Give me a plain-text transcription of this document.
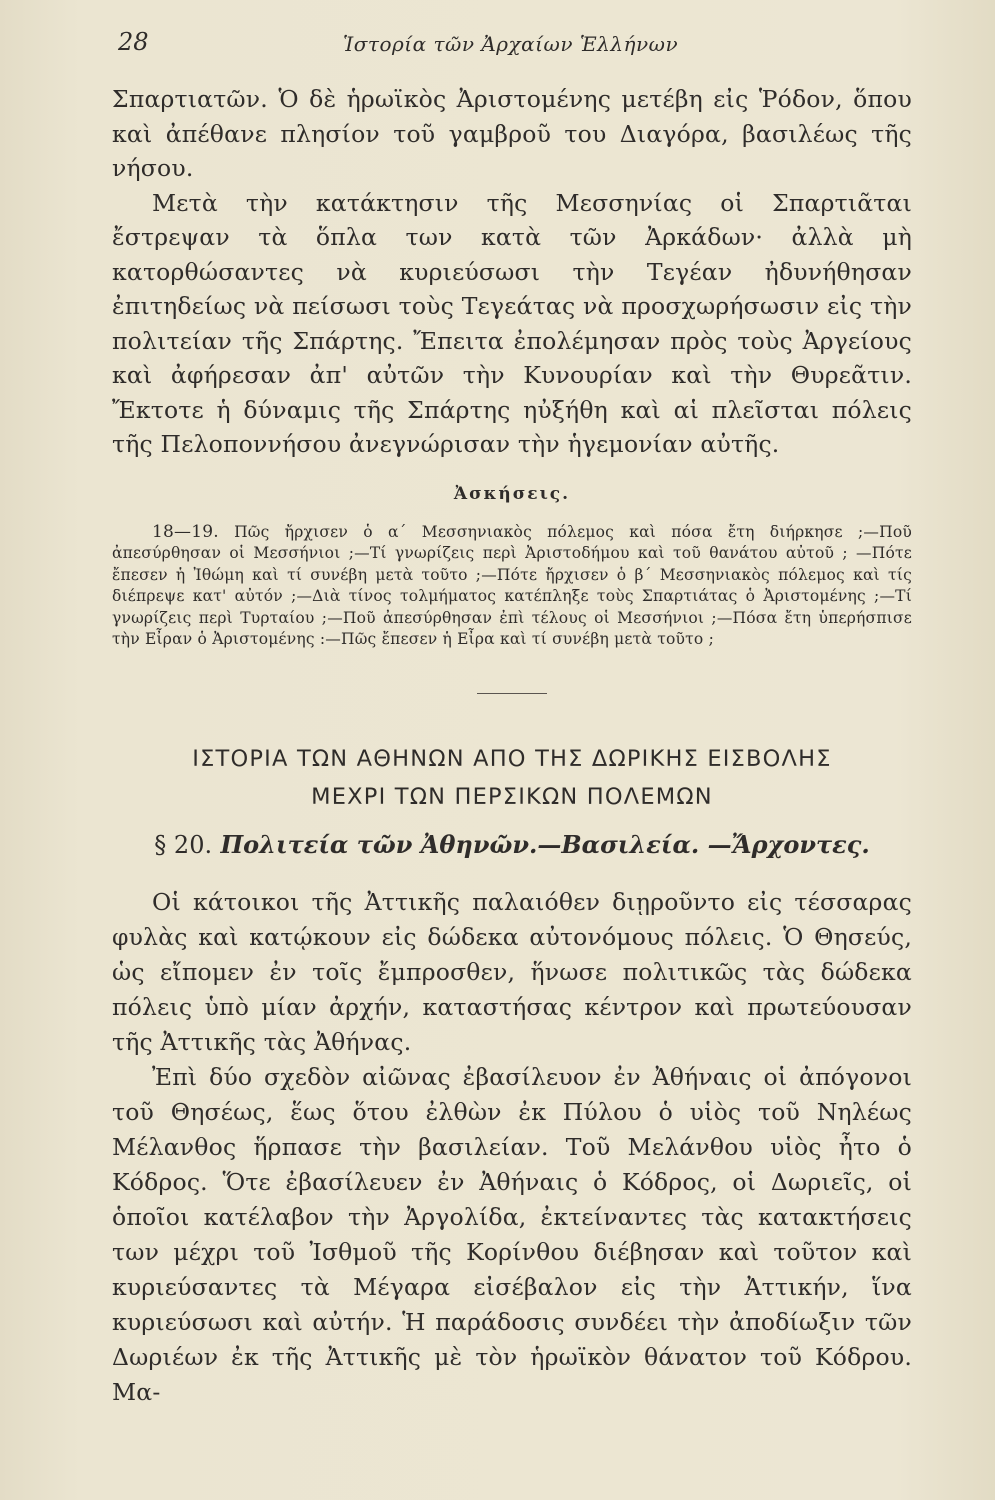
28	Ἱστορία τῶν Ἀρχαίων Ἑλλήνων

Σπαρτιατῶν. Ὁ δὲ ἡρωϊκὸς Ἀριστομένης μετέβη εἰς Ῥόδον, ὅπου καὶ ἀπέθανε πλησίον τοῦ γαμβροῦ του Διαγόρα, βασιλέως τῆς νήσου.

Μετὰ τὴν κατάκτησιν τῆς Μεσσηνίας οἱ Σπαρτιᾶται ἔστρεψαν τὰ ὅπλα των κατὰ τῶν Ἀρκάδων· ἀλλὰ μὴ κατορθώσαντες νὰ κυριεύσωσι τὴν Τεγέαν ἠδυνήθησαν ἐπιτηδείως νὰ πείσωσι τοὺς Τεγεάτας νὰ προσχωρήσωσιν εἰς τὴν πολιτείαν τῆς Σπάρτης. Ἔπειτα ἐπολέμησαν πρὸς τοὺς Ἀργείους καὶ ἀφήρεσαν ἀπ' αὐτῶν τὴν Κυνουρίαν καὶ τὴν Θυρεᾶτιν. Ἔκτοτε ἡ δύναμις τῆς Σπάρτης ηὐξήθη καὶ αἱ πλεῖσται πόλεις τῆς Πελοποννήσου ἀνεγνώρισαν τὴν ἡγεμονίαν αὐτῆς.

Ἀσκήσεις.

18—19. Πῶς ἤρχισεν ὁ α΄ Μεσσηνιακὸς πόλεμος καὶ πόσα ἔτη διήρκησε ;—Ποῦ ἀπεσύρθησαν οἱ Μεσσήνιοι ;—Τί γνωρίζεις περὶ Ἀριστοδήμου καὶ τοῦ θανάτου αὐτοῦ ; —Πότε ἔπεσεν ἡ Ἰθώμη καὶ τί συνέβη μετὰ τοῦτο ;—Πότε ἤρχισεν ὁ β΄ Μεσσηνιακὸς πόλεμος καὶ τίς διέπρεψε κατ' αὐτόν ;—Διὰ τίνος τολμήματος κατέπληξε τοὺς Σπαρτιάτας ὁ Ἀριστομένης ;—Τί γνωρίζεις περὶ Τυρταίου ;—Ποῦ ἀπεσύρθησαν ἐπὶ τέλους οἱ Μεσσήνιοι ;—Πόσα ἔτη ὑπερήσπισε τὴν Εἶραν ὁ Ἀριστομένης :—Πῶς ἔπεσεν ἡ Εἶρα καὶ τί συνέβη μετὰ τοῦτο ;

ΙΣΤΟΡΙΑ ΤΩΝ ΑΘΗΝΩΝ ΑΠΟ ΤΗΣ ΔΩΡΙΚΗΣ ΕΙΣΒΟΛΗΣ
ΜΕΧΡΙ ΤΩΝ ΠΕΡΣΙΚΩΝ ΠΟΛΕΜΩΝ
§ 20. Πολιτεία τῶν Ἀθηνῶν.—Βασιλεία. —Ἄρχοντες.

Οἱ κάτοικοι τῆς Ἀττικῆς παλαιόθεν διῃροῦντο εἰς τέσσαρας φυλὰς καὶ κατῴκουν εἰς δώδεκα αὐτονόμους πόλεις. Ὁ Θησεύς, ὡς εἴπομεν ἐν τοῖς ἔμπροσθεν, ἥνωσε πολιτικῶς τὰς δώδεκα πόλεις ὑπὸ μίαν ἀρχήν, καταστήσας κέντρον καὶ πρωτεύουσαν τῆς Ἀττικῆς τὰς Ἀθήνας.

Ἐπὶ δύο σχεδὸν αἰῶνας ἐβασίλευον ἐν Ἀθήναις οἱ ἀπόγονοι τοῦ Θησέως, ἕως ὅτου ἐλθὼν ἐκ Πύλου ὁ υἱὸς τοῦ Νηλέως Μέλανθος ἥρπασε τὴν βασιλείαν. Τοῦ Μελάνθου υἱὸς ἦτο ὁ Κόδρος. Ὅτε ἐβασίλευεν ἐν Ἀθήναις ὁ Κόδρος, οἱ Δωριεῖς, οἱ ὁποῖοι κατέλαβον τὴν Ἀργολίδα, ἐκτείναντες τὰς κατακτήσεις των μέχρι τοῦ Ἰσθμοῦ τῆς Κορίνθου διέβησαν καὶ τοῦτον καὶ κυριεύσαντες τὰ Μέγαρα εἰσέβαλον εἰς τὴν Ἀττικήν, ἵνα κυριεύσωσι καὶ αὐτήν. Ἡ παράδοσις συνδέει τὴν ἀποδίωξιν τῶν Δωριέων ἐκ τῆς Ἀττικῆς μὲ τὸν ἡρωϊκὸν θάνατον τοῦ Κόδρου. Μα-
